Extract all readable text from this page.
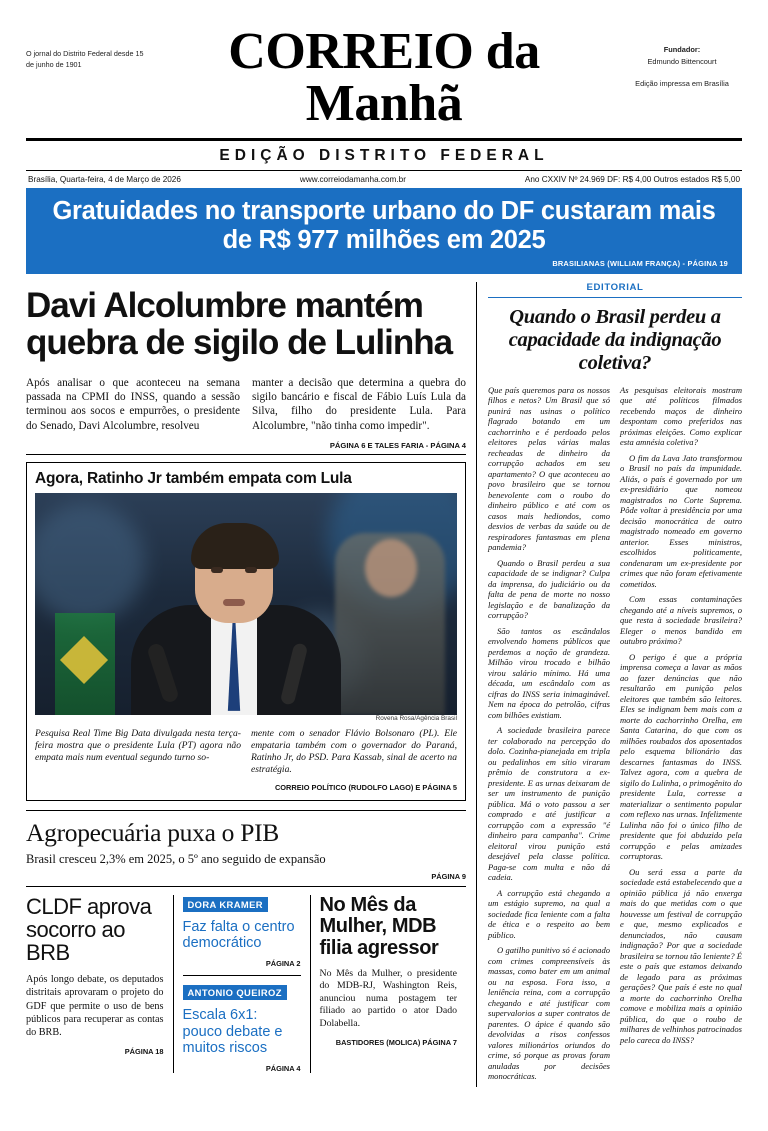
O jornal do Distrito Federal desde 15 de junho de 1901	CORREIO da Manhã
Fundador:
Edmundo Bittencourt
Edição impressa em Brasília
EDIÇÃO DISTRITO FEDERAL
Brasília, Quarta-feira, 4 de Março de 2026	www.correiodamanha.com.br	Ano CXXIV Nº 24.969 DF: R$ 4,00 Outros estados R$ 5,00
Gratuidades no transporte urbano do DF custaram mais de R$ 977 milhões em 2025
BRASILIANAS (WILLIAM FRANÇA) - PÁGINA 19
Davi Alcolumbre mantém quebra de sigilo de Lulinha

Após analisar o que aconteceu na semana passada na CPMI do INSS, quando a sessão terminou aos socos e empurrões, o presidente do Senado, Davi Alcolumbre, resolveu

manter a decisão que determina a quebra do sigilo bancário e fiscal de Fábio Luís Lula da Silva, filho do presidente Lula. Para Alcolumbre, "não tinha como impedir".

PÁGINA 6 E TALES FARIA - PÁGINA 4
Agora, Ratinho Jr também empata com Lula
Rovena Rosa/Agência Brasil

Pesquisa Real Time Big Data divulgada nesta terça-feira mostra que o presidente Lula (PT) agora não empata mais num eventual segundo turno so-

mente com o senador Flávio Bolsonaro (PL). Ele empataria também com o governador do Paraná, Ratinho Jr, do PSD. Para Kassab, sinal de acerto na estratégia.

CORREIO POLÍTICO (RUDOLFO LAGO) E PÁGINA 5
Agropecuária puxa o PIB

Brasil cresceu 2,3% em 2025, o 5º ano seguido de expansão

PÁGINA 9
CLDF aprova socorro ao BRB

Após longo debate, os deputados distritais aprovaram o projeto do GDF que permite o uso de bens públicos para recuperar as contas do BRB.

PÁGINA 18
DORA KRAMER
Faz falta o centro democrático
PÁGINA 2
ANTONIO QUEIROZ
Escala 6x1: pouco debate e muitos riscos
PÁGINA 4
No Mês da Mulher, MDB filia agressor

No Mês da Mulher, o presidente do MDB-RJ, Washington Reis, anunciou numa postagem ter filiado ao partido o ator Dado Dolabella.

BASTIDORES (MOLICA) PÁGINA 7
EDITORIAL
Quando o Brasil perdeu a capacidade da indignação coletiva?

Que país queremos para os nossos filhos e netos? Um Brasil que só punirá nas usinas o político flagrado botando em um cachorrinho e é perdoado pelos eleitores pelas várias malas recheadas de dinheiro da corrupção achados em seu apartamento? O que aconteceu ao povo brasileiro que se tornou benevolente com o roubo do dinheiro público e até com os casos mais hediondos, como desvios de verbas da saúde ou de respiradores fantasmas em plena pandemia?

Quando o Brasil perdeu a sua capacidade de se indignar? Culpa da imprensa, do judiciário ou da falta de pena de morte no nosso legislação e de banalização da corrupção?

São tantos os escândalos envolvendo homens públicos que perdemos a noção de grandeza. Milhão virou trocado e bilhão virou salário mínimo. Há uma década, um escândalo com as cifras do INSS seria inimaginável. Nem na época do petrolão, cifras com bilhões existiam.

A sociedade brasileira parece ter colaborado na percepção do dolo. Cozinha-pianejada em tripla ou pedalinhos em sítio viraram prêmio de construtora a ex-presidente. E as urnas deixaram de ser um instrumento de punição pública. Má o voto passou a ser comprado e até justificar a corrupção com a expressão "é dinheiro para campanha". Crime eleitoral virou punição está desejável pela classe política. Paga-se com multa e não dá cadeia.

A corrupção está chegando a um estágio supremo, na qual a sociedade fica leniente com a falta de ética e o respeito ao bem público.

O gatilho punitivo só é acionado com crimes compreensíveis às massas, como bater em um animal ou na esposa. Fora isso, a leniência reina, com a corrupção chegando e até justificar com supervalorios a super contratos de parentes. O ápice é quando são devolvidas a risos confessos valores milionários oriundos do crime, só porque as provas foram anuladas por decisões monocráticas.

As pesquisas eleitorais mostram que até políticos filmados recebendo maços de dinheiro despontam como preferidos nas próximas eleições. Como explicar esta amnésia coletiva?

O fim da Lava Jato transformou o Brasil no país da impunidade. Aliás, o país é governado por um ex-presidiário que nomeou magistrados no Corte Suprema. Pôde voltar à presidência por uma decisão monocrática de outro magistrado nomeado em governo anterior. Esses ministros, escolhidos politicamente, condenaram um ex-presidente por crimes que não foram efetivamente cometidos.

Com essas contaminações chegando até a níveis supremos, o que resta à sociedade brasileira? Eleger o menos bandido em outubro próximo?

O perigo é que a própria imprensa começa a lavar as mãos ao fazer denúncias que não resultarão em punição pelos eleitores que também são leitores. Eles se indignam bem mais com a morte do cachorrinho Orelha, em Santa Catarina, do que com os milhões roubados dos aposentados pelo esquema bilionário das descarnes fantasmas do INSS. Talvez agora, com a quebra de sigilo do Lulinha, o primogênito do presidente Lula, corresse a materializar o sentimento popular com reflexo nas urnas. Infelizmente Lulinha não foi o único filho de presidente que foi abduzido pela corrupção e pelas amizades corruptoras.

Ou será essa a parte da sociedade está estabelecendo que a opinião pública já não enxerga mais do que metidas com o que houvesse um festival de corrupção e que, mesmo explicados e denunciados, não causam indignação? Por que a sociedade brasileira se tornou tão leniente? É este o país que estamos deixando de legado para as próximas gerações? Que país é este no qual a morte do cachorrinho Orelha comove e mobiliza mais a opinião pública, do que o roubo de milhares de velhinhos patrocinados pelo careca do INSS?
